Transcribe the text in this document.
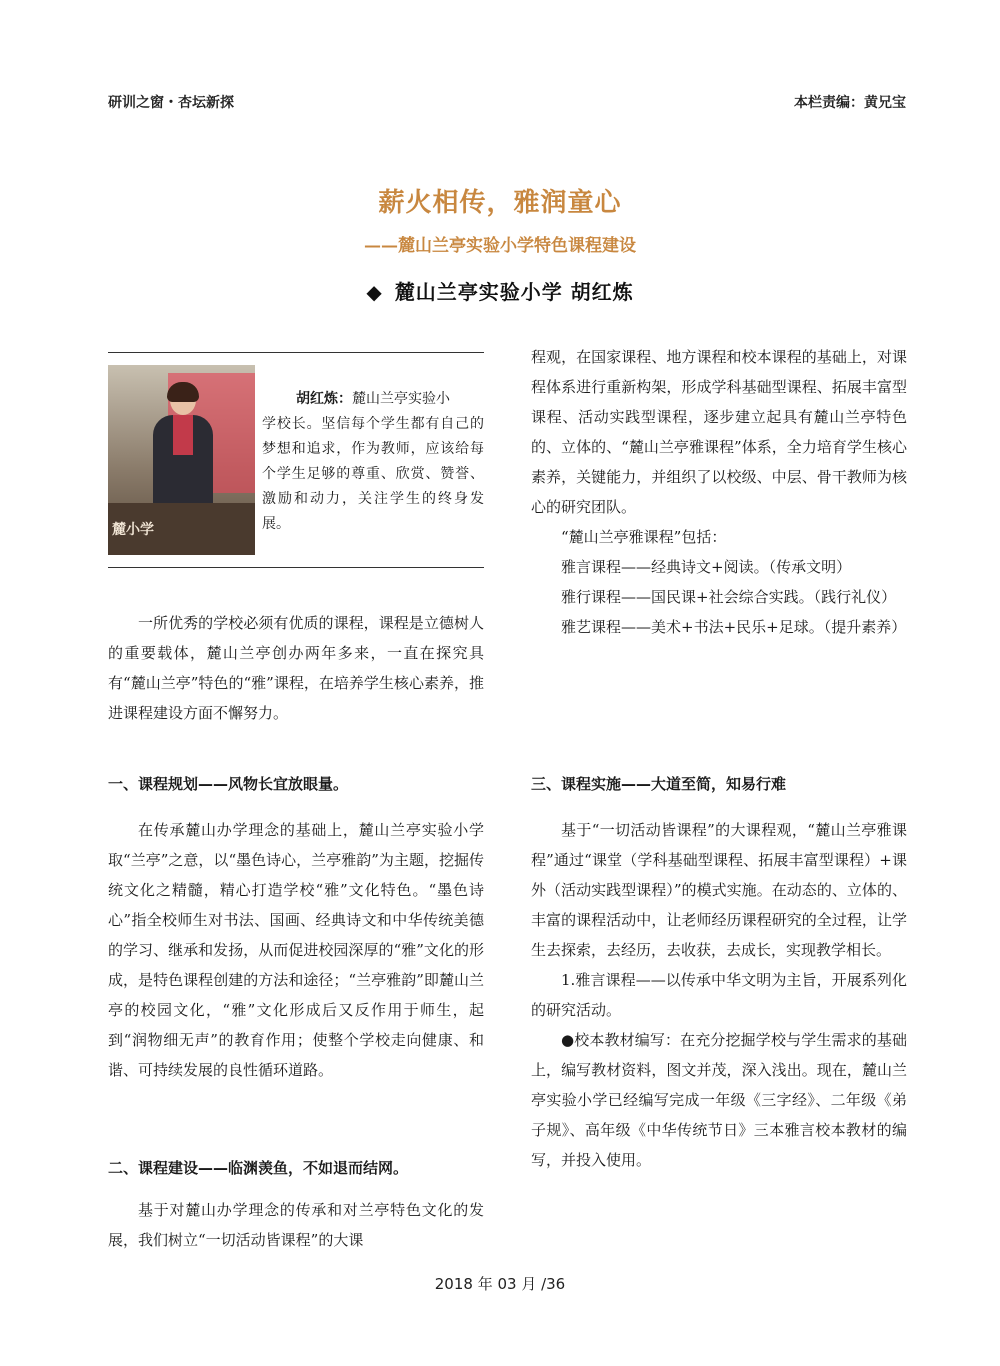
研训之窗・杏坛新探	本栏责编：黄兄宝
薪火相传，雅润童心
——麓山兰亭实验小学特色课程建设
◆ 麓山兰亭实验小学 胡红炼
麓小学
胡红炼：麓山兰亭实验小
学校长。坚信每个学生都有自己的梦想和追求，作为教师，应该给每个学生足够的尊重、欣赏、赞誉、激励和动力，关注学生的终身发展。

一所优秀的学校必须有优质的课程，课程是立德树人的重要载体，麓山兰亭创办两年多来，一直在探究具有“麓山兰亭”特色的“雅”课程，在培养学生核心素养，推进课程建设方面不懈努力。

一、课程规划——风物长宜放眼量。

在传承麓山办学理念的基础上，麓山兰亭实验小学取“兰亭”之意，以“墨色诗心，兰亭雅韵”为主题，挖掘传统文化之精髓，精心打造学校“雅”文化特色。“墨色诗心”指全校师生对书法、国画、经典诗文和中华传统美德的学习、继承和发扬，从而促进校园深厚的“雅”文化的形成，是特色课程创建的方法和途径；“兰亭雅韵”即麓山兰亭的校园文化，“雅”文化形成后又反作用于师生，起到“润物细无声”的教育作用；使整个学校走向健康、和谐、可持续发展的良性循环道路。

二、课程建设——临渊羡鱼，不如退而结网。

基于对麓山办学理念的传承和对兰亭特色文化的发展，我们树立“一切活动皆课程”的大课

程观，在国家课程、地方课程和校本课程的基础上，对课程体系进行重新构架，形成学科基础型课程、拓展丰富型课程、活动实践型课程，逐步建立起具有麓山兰亭特色的、立体的、“麓山兰亭雅课程”体系，全力培育学生核心素养，关键能力，并组织了以校级、中层、骨干教师为核心的研究团队。

“麓山兰亭雅课程”包括：

雅言课程——经典诗文+阅读。（传承文明）

雅行课程——国民课+社会综合实践。（践行礼仪）

雅艺课程——美术+书法+民乐+足球。（提升素养）

三、课程实施——大道至简，知易行难

基于“一切活动皆课程”的大课程观，“麓山兰亭雅课程”通过“课堂（学科基础型课程、拓展丰富型课程）+课外（活动实践型课程）”的模式实施。在动态的、立体的、丰富的课程活动中，让老师经历课程研究的全过程，让学生去探索，去经历，去收获，去成长，实现教学相长。

1.雅言课程——以传承中华文明为主旨，开展系列化的研究活动。

●校本教材编写：在充分挖掘学校与学生需求的基础上，编写教材资料，图文并茂，深入浅出。现在，麓山兰亭实验小学已经编写完成一年级《三字经》、二年级《弟子规》、高年级《中华传统节日》三本雅言校本教材的编写，并投入使用。

2018 年 03 月 /36
